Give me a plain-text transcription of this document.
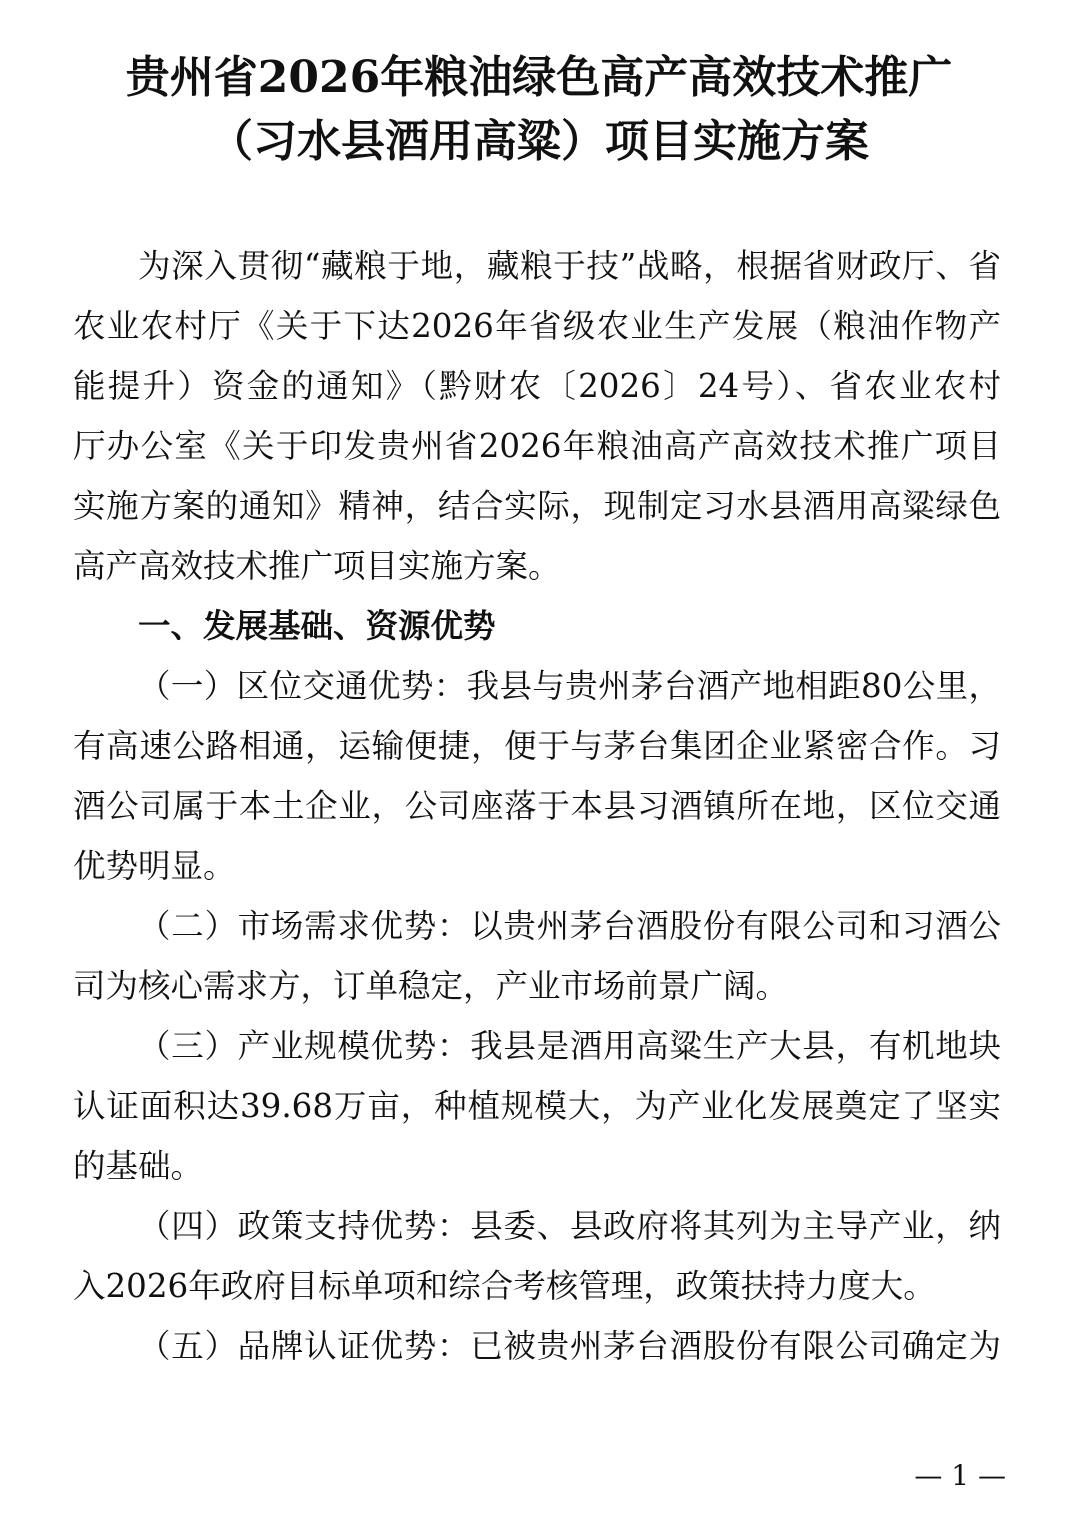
贵州省2026年粮油绿色高产高效技术推广
（习水县酒用高粱）项目实施方案

为深入贯彻“藏粮于地，藏粮于技”战略，根据省财政厅、省

农业农村厅《关于下达2026年省级农业生产发展（粮油作物产

能提升）资金的通知》（黔财农〔2026〕24号）、省农业农村

厅办公室《关于印发贵州省2026年粮油高产高效技术推广项目

实施方案的通知》精神，结合实际，现制定习水县酒用高粱绿色

高产高效技术推广项目实施方案。

一、发展基础、资源优势

（一）区位交通优势：我县与贵州茅台酒产地相距80公里，

有高速公路相通，运输便捷，便于与茅台集团企业紧密合作。习

酒公司属于本土企业，公司座落于本县习酒镇所在地，区位交通

优势明显。

（二）市场需求优势：以贵州茅台酒股份有限公司和习酒公

司为核心需求方，订单稳定，产业市场前景广阔。

（三）产业规模优势：我县是酒用高粱生产大县，有机地块

认证面积达39.68万亩，种植规模大，为产业化发展奠定了坚实

的基础。

（四）政策支持优势：县委、县政府将其列为主导产业，纳

入2026年政府目标单项和综合考核管理，政策扶持力度大。

（五）品牌认证优势：已被贵州茅台酒股份有限公司确定为

— 1 —
